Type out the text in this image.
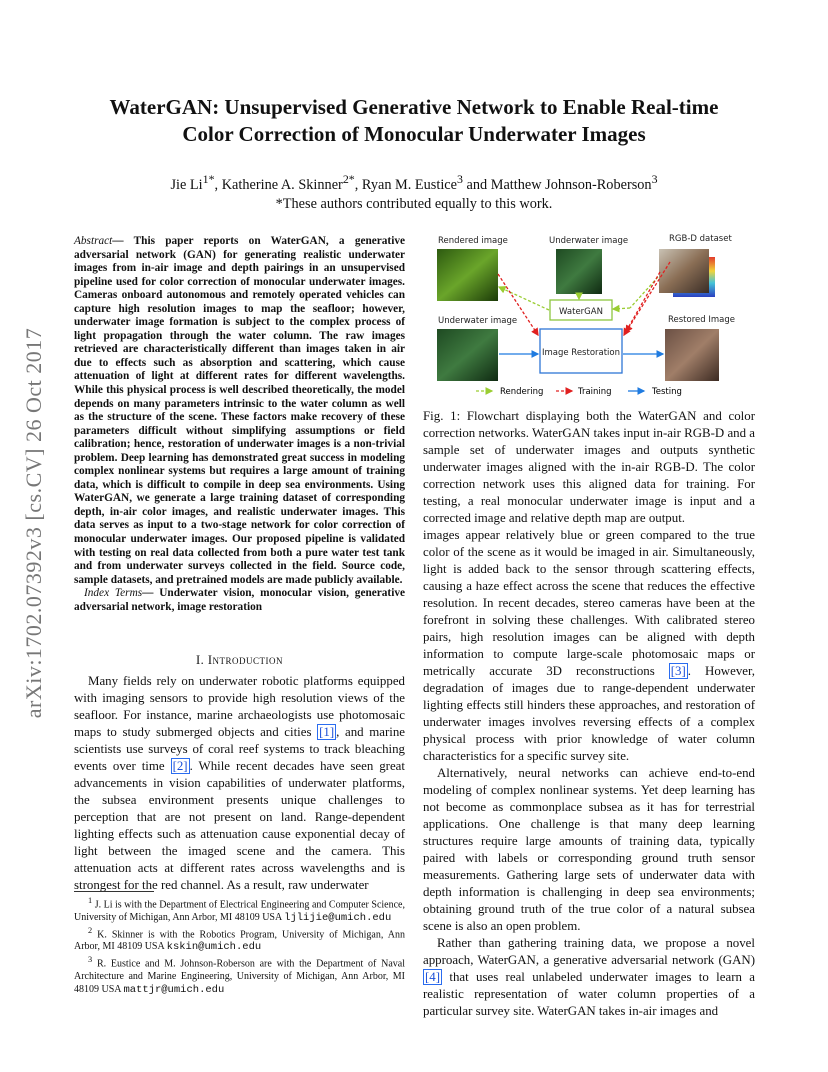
WaterGAN: Unsupervised Generative Network to Enable Real-time
Color Correction of Monocular Underwater Images
Jie $Li^{1*}$, Katherine A. Skinner$^{2*}$, Ryan M. Eustice$^3$ and Matthew Johnson-Roberson$^3$
*These authors contributed equally to this work.
arXiv:1702.07392v3 [cs.CV] 26 Oct 2017

Abstract— This paper reports on WaterGAN, a generative adversarial network (GAN) for generating realistic underwater images from in-air image and depth pairings in an unsupervised pipeline used for color correction of monocular underwater images. Cameras onboard autonomous and remotely operated vehicles can capture high resolution images to map the seafloor; however, underwater image formation is subject to the complex process of light propagation through the water column. The raw images retrieved are characteristically different than images taken in air due to effects such as absorption and scattering, which cause attenuation of light at different rates for different wavelengths. While this physical process is well described theoretically, the model depends on many parameters intrinsic to the water column as well as the structure of the scene. These factors make recovery of these parameters difficult without simplifying assumptions or field calibration; hence, restoration of underwater images is a non-trivial problem. Deep learning has demonstrated great success in modeling complex nonlinear systems but requires a large amount of training data, which is difficult to compile in deep sea environments. Using WaterGAN, we generate a large training dataset of corresponding depth, in-air color images, and realistic underwater images. This data serves as input to a two-stage network for color correction of monocular underwater images. Our proposed pipeline is validated with testing on real data collected from both a pure water test tank and from underwater surveys collected in the field. Source code, sample datasets, and pretrained models are made publicly available.

Index Terms— Underwater vision, monocular vision, generative adversarial network, image restoration

I. Introduction

Many fields rely on underwater robotic platforms equipped with imaging sensors to provide high resolution views of the seafloor. For instance, marine archaeologists use photomosaic maps to study submerged objects and cities [1] , and marine scientists use surveys of coral reef systems to track bleaching events over time [2] . While recent decades have seen great advancements in vision capabilities of underwater platforms, the subsea environment presents unique challenges to perception that are not present on land. Range-dependent lighting effects such as attenuation cause exponential decay of light between the imaged scene and the camera. This attenuation acts at different rates across wavelengths and is strongest for the red channel. As a result, raw underwater

$^1$ J. Li is with the Department of Electrical Engineering and Computer Science, University of Michigan, Ann Arbor, MI 48109 USA ljlijie@umich.edu

$^2$ K. Skinner is with the Robotics Program, University of Michigan, Ann Arbor, MI 48109 USA kskin@umich.edu

$^3$ R. Eustice and M. Johnson-Roberson are with the Department of Naval Architecture and Marine Engineering, University of Michigan, Ann Arbor, MI 48109 USA mattjr@umich.edu

Rendered image	Underwater image	RGB-D dataset
Underwater image	Restored Image
WaterGAN
Image Restoration
Rendering	Training	Testing

Fig. 1: Flowchart displaying both the WaterGAN and color correction networks. WaterGAN takes input in-air RGB-D and a sample set of underwater images and outputs synthetic underwater images aligned with the in-air RGB-D. The color correction network uses this aligned data for training. For testing, a real monocular underwater image is input and a corrected image and relative depth map are output.

images appear relatively blue or green compared to the true color of the scene as it would be imaged in air. Simultaneously, light is added back to the sensor through scattering effects, causing a haze effect across the scene that reduces the effective resolution. In recent decades, stereo cameras have been at the forefront in solving these challenges. With calibrated stereo pairs, high resolution images can be aligned with depth information to compute large-scale photomosaic maps or metrically accurate 3D reconstructions [3] . However, degradation of images due to range-dependent underwater lighting effects still hinders these approaches, and restoration of underwater images involves reversing effects of a complex physical process with prior knowledge of water column characteristics for a specific survey site.

Alternatively, neural networks can achieve end-to-end modeling of complex nonlinear systems. Yet deep learning has not become as commonplace subsea as it has for terrestrial applications. One challenge is that many deep learning structures require large amounts of training data, typically paired with labels or corresponding ground truth sensor measurements. Gathering large sets of underwater data with depth information is challenging in deep sea environments; obtaining ground truth of the true color of a natural subsea scene is also an open problem.

Rather than gathering training data, we propose a novel approach, WaterGAN, a generative adversarial network (GAN) [4] that uses real unlabeled underwater images to learn a realistic representation of water column properties of a particular survey site. WaterGAN takes in-air images and
